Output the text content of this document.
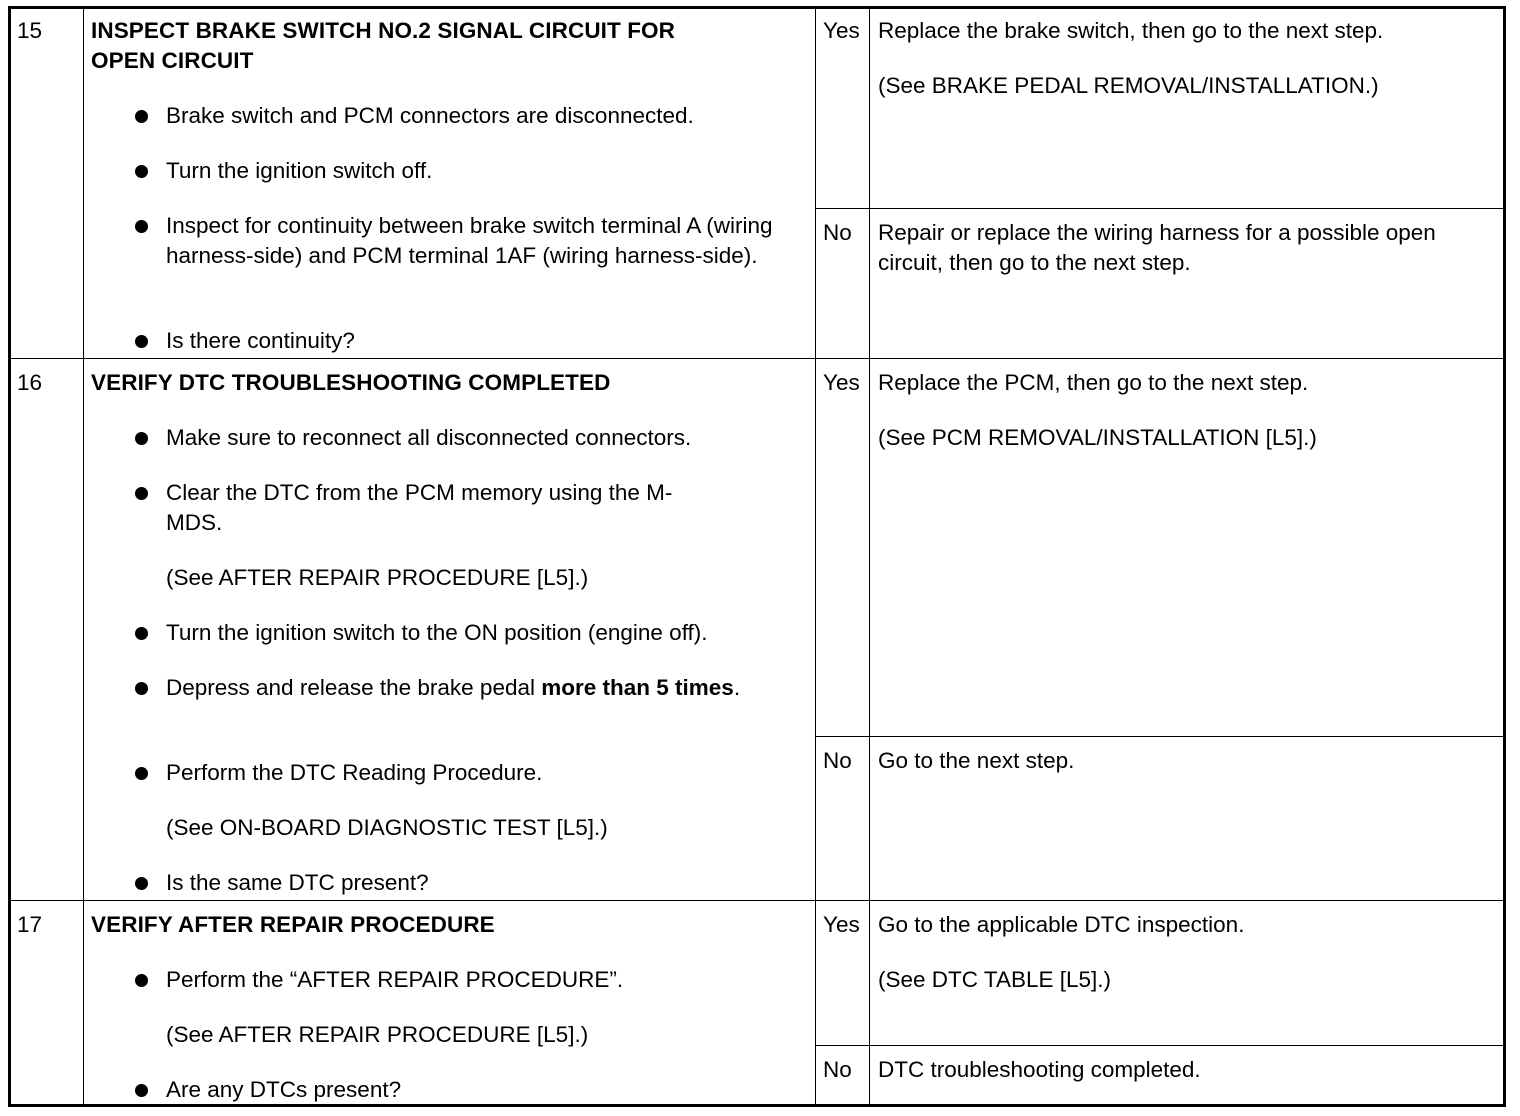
15	INSPECT BRAKE SWITCH NO.2 SIGNAL CIRCUIT FOR
OPEN CIRCUIT
Brake switch and PCM connectors are disconnected.
Turn the ignition switch off.
Inspect for continuity between brake switch terminal A (wiring harness-side) and PCM terminal 1AF (wiring harness-side).
Is there continuity?
Yes Replace the brake switch, then go to the next step.
(See BRAKE PEDAL REMOVAL/INSTALLATION.)
No	Repair or replace the wiring harness for a possible open circuit, then go to the next step.
16	VERIFY DTC TROUBLESHOOTING COMPLETED
Make sure to reconnect all disconnected connectors.
Clear the DTC from the PCM memory using the M-MDS.
(See AFTER REPAIR PROCEDURE [L5].)
Turn the ignition switch to the ON position (engine off).
Depress and release the brake pedal more than 5 times.
Perform the DTC Reading Procedure.
(See ON-BOARD DIAGNOSTIC TEST [L5].)
Is the same DTC present?
Yes Replace the PCM, then go to the next step.
(See PCM REMOVAL/INSTALLATION [L5].)
No	Go to the next step.
17	VERIFY AFTER REPAIR PROCEDURE
Perform the “AFTER REPAIR PROCEDURE”.
(See AFTER REPAIR PROCEDURE [L5].)
Are any DTCs present?
Yes Go to the applicable DTC inspection.
(See DTC TABLE [L5].)
No	DTC troubleshooting completed.
